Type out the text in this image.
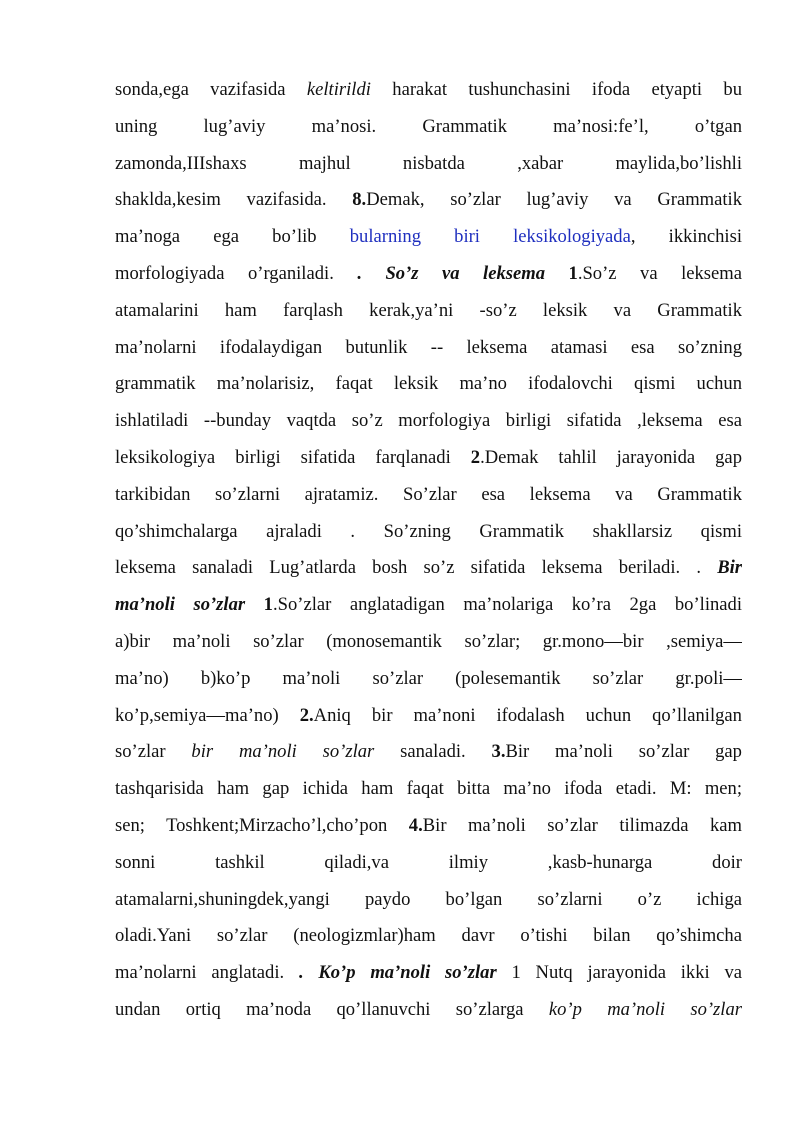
sonda,ega vazifasida keltirildi harakat tushunchasini ifoda etyapti bu
uning lug’aviy ma’nosi. Grammatik ma’nosi:fe’l, o’tgan
zamonda,IIIshaxs majhul nisbatda ,xabar maylida,bo’lishli
shaklda,kesim vazifasida. 8.Demak, so’zlar lug’aviy va Grammatik
ma’noga ega bo’lib bularning biri leksikologiyada, ikkinchisi
morfologiyada o’rganiladi. . So’z va leksema 1.So’z va leksema
atamalarini ham farqlash kerak,ya’ni -so’z leksik va Grammatik
ma’nolarni ifodalaydigan butunlik -- leksema atamasi esa so’zning
grammatik ma’nolarisiz, faqat leksik ma’no ifodalovchi qismi uchun
ishlatiladi --bunday vaqtda so’z morfologiya birligi sifatida ,leksema esa
leksikologiya birligi sifatida farqlanadi 2.Demak tahlil jarayonida gap
tarkibidan so’zlarni ajratamiz. So’zlar esa leksema va Grammatik
qo’shimchalarga ajraladi . So’zning Grammatik shakllarsiz qismi
leksema sanaladi Lug’atlarda bosh so’z sifatida leksema beriladi. . Bir
ma’noli so’zlar 1.So’zlar anglatadigan ma’nolariga ko’ra 2ga bo’linadi
a)bir ma’noli so’zlar (monosemantik so’zlar; gr.mono—bir ,semiya—
ma’no) b)ko’p ma’noli so’zlar (polesemantik so’zlar gr.poli—
ko’p,semiya—ma’no) 2.Aniq bir ma’noni ifodalash uchun qo’llanilgan
so’zlar bir ma’noli so’zlar sanaladi. 3.Bir ma’noli so’zlar gap
tashqarisida ham gap ichida ham faqat bitta ma’no ifoda etadi. M: men;
sen; Toshkent;Mirzacho’l,cho’pon 4.Bir ma’noli so’zlar tilimazda kam
sonni tashkil qiladi,va ilmiy ,kasb-hunarga doir
atamalarni,shuningdek,yangi paydo bo’lgan so’zlarni o’z ichiga
oladi.Yani so’zlar (neologizmlar)ham davr o’tishi bilan qo’shimcha
ma’nolarni anglatadi. . Ko’p ma’noli so’zlar 1 Nutq jarayonida ikki va
undan ortiq ma’noda qo’llanuvchi so’zlarga ko’p ma’noli so’zlar
